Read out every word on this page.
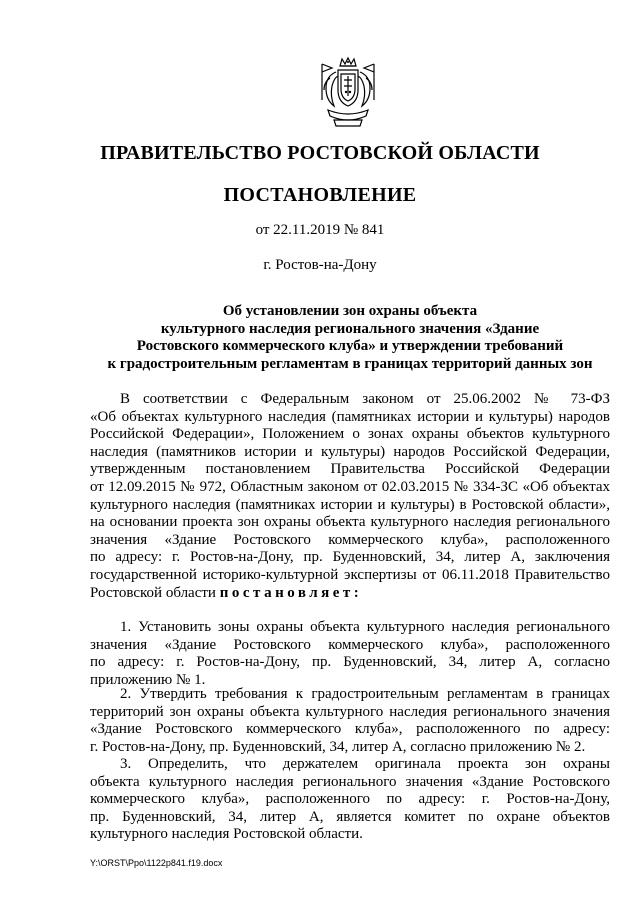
ПРАВИТЕЛЬСТВО РОСТОВСКОЙ ОБЛАСТИ
ПОСТАНОВЛЕНИЕ
от 22.11.2019 № 841
г. Ростов-на-Дону
Об установлении зон охраны объекта
культурного наследия регионального значения «Здание
Ростовского коммерческого клуба» и утверждении требований
к градостроительным регламентам в границах территорий данных зон
В соответствии с Федеральным законом от 25.06.2002 № 73-ФЗ
«Об объектах культурного наследия (памятниках истории и культуры) народов
Российской Федерации», Положением о зонах охраны объектов культурного
наследия (памятников истории и культуры) народов Российской Федерации,
утвержденным постановлением Правительства Российской Федерации
от 12.09.2015 № 972, Областным законом от 02.03.2015 № 334-ЗС «Об объектах
культурного наследия (памятниках истории и культуры) в Ростовской области»,
на основании проекта зон охраны объекта культурного наследия регионального
значения «Здание Ростовского коммерческого клуба», расположенного
по адресу: г. Ростов-на-Дону, пр. Буденновский, 34, литер А, заключения
государственной историко-культурной экспертизы от 06.11.2018 Правительство
Ростовской области постановляет:
1. Установить зоны охраны объекта культурного наследия регионального
значения «Здание Ростовского коммерческого клуба», расположенного
по адресу: г. Ростов-на-Дону, пр. Буденновский, 34, литер А, согласно
приложению № 1.
2. Утвердить требования к градостроительным регламентам в границах
территорий зон охраны объекта культурного наследия регионального значения
«Здание Ростовского коммерческого клуба», расположенного по адресу:
г. Ростов-на-Дону, пр. Буденновский, 34, литер А, согласно приложению № 2.
3. Определить, что держателем оригинала проекта зон охраны
объекта культурного наследия регионального значения «Здание Ростовского
коммерческого клуба», расположенного по адресу: г. Ростов-на-Дону,
пр. Буденновский, 34, литер А, является комитет по охране объектов
культурного наследия Ростовской области.
Y:\ORST\Ppo\1122p841.f19.docx
